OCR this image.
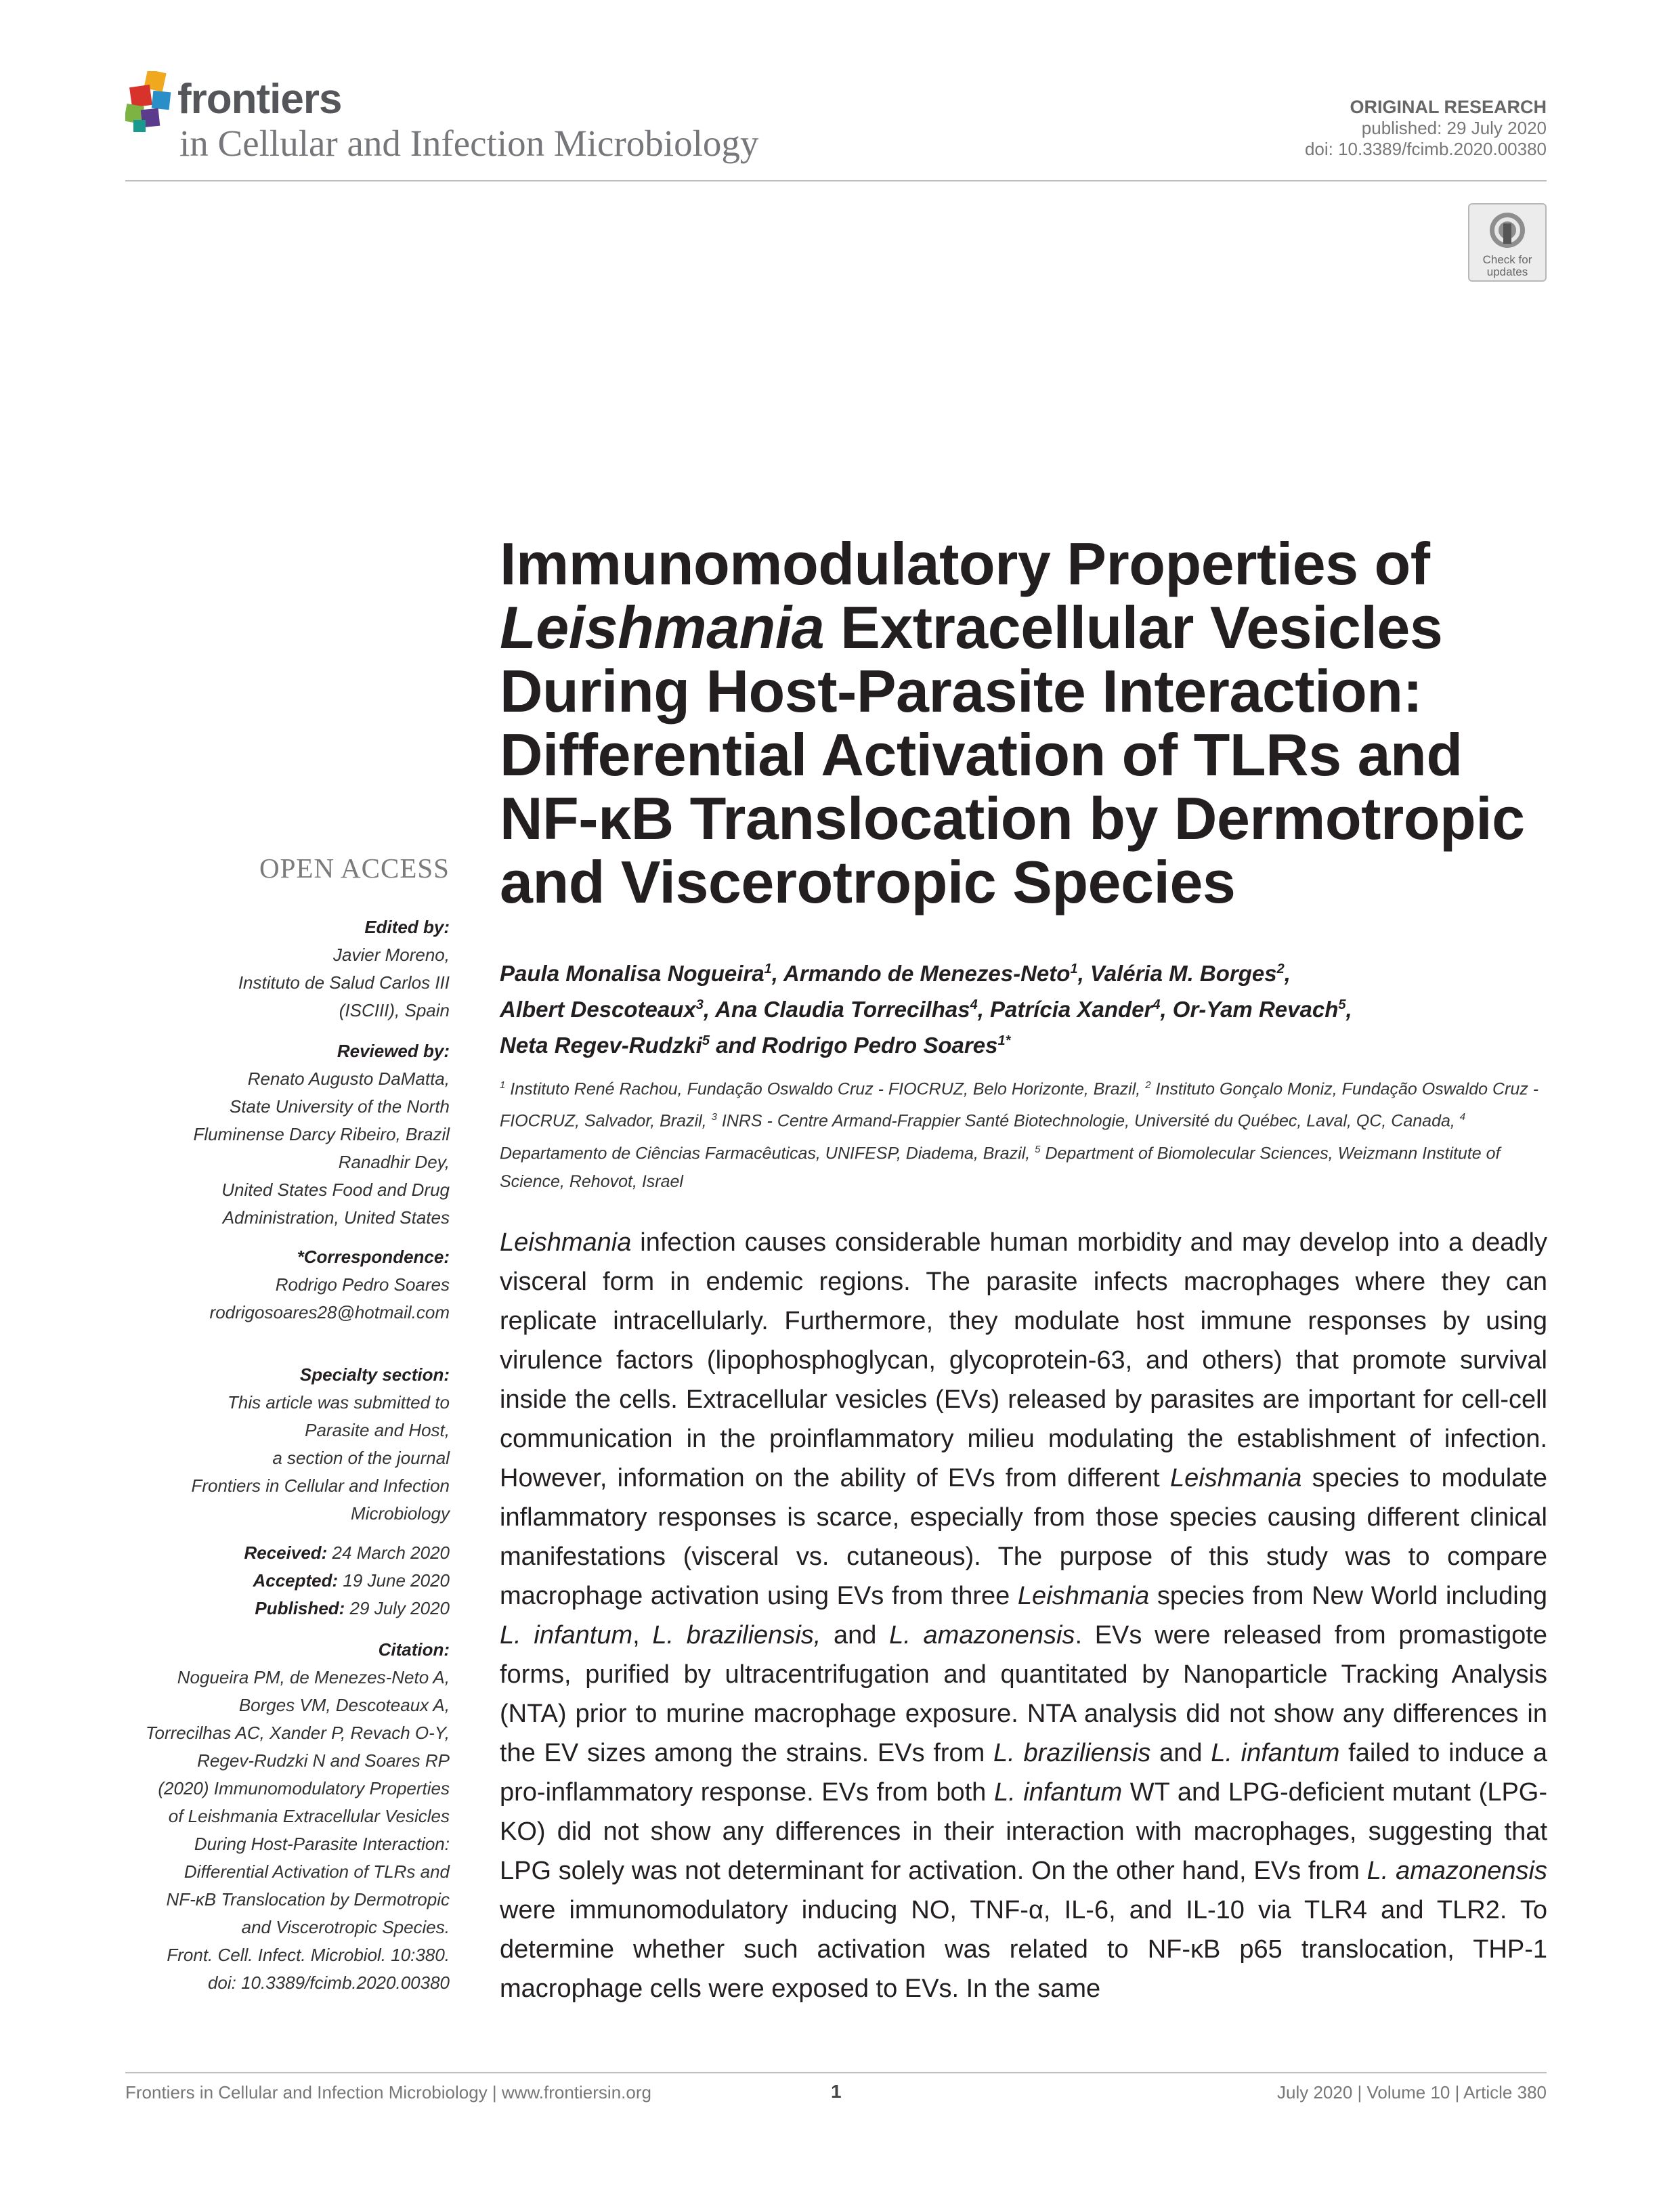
frontiers
in Cellular and Infection Microbiology
ORIGINAL RESEARCH
published: 29 July 2020
doi: 10.3389/fcimb.2020.00380
Check for updates
Immunomodulatory Properties of
Leishmania Extracellular Vesicles
During Host-Parasite Interaction:
Differential Activation of TLRs and
NF-κB Translocation by Dermotropic
and Viscerotropic Species
Paula Monalisa Nogueira$^1$, Armando de Menezes-Neto$^1$, Valéria M. Borges$^2$,
Albert Descoteaux$^3$, Ana Claudia Torrecilhas$^4$, Patrícia Xander$^4$, Or-Yam Revach$^5$,
Neta Regev-Rudzki$^5$ and Rodrigo Pedro Soares$^{1*}$
$^1$ Instituto René Rachou, Fundação Oswaldo Cruz - FIOCRUZ, Belo Horizonte, Brazil, $^2$ Instituto Gonçalo Moniz, Fundação Oswaldo Cruz - FIOCRUZ, Salvador, Brazil, $^3$ INRS - Centre Armand-Frappier Santé Biotechnologie, Université du Québec, Laval, QC, Canada, $^4$ Departamento de Ciências Farmacêuticas, UNIFESP, Diadema, Brazil, $^5$ Department of Biomolecular Sciences, Weizmann Institute of Science, Rehovot, Israel
Leishmania infection causes considerable human morbidity and may develop into a deadly visceral form in endemic regions. The parasite infects macrophages where they can replicate intracellularly. Furthermore, they modulate host immune responses by using virulence factors (lipophosphoglycan, glycoprotein-63, and others) that promote survival inside the cells. Extracellular vesicles (EVs) released by parasites are important for cell-cell communication in the proinflammatory milieu modulating the establishment of infection. However, information on the ability of EVs from different Leishmania species to modulate inflammatory responses is scarce, especially from those species causing different clinical manifestations (visceral vs. cutaneous). The purpose of this study was to compare macrophage activation using EVs from three Leishmania species from New World including L. infantum, L. braziliensis, and L. amazonensis. EVs were released from promastigote forms, purified by ultracentrifugation and quantitated by Nanoparticle Tracking Analysis (NTA) prior to murine macrophage exposure. NTA analysis did not show any differences in the EV sizes among the strains. EVs from L. braziliensis and L. infantum failed to induce a pro-inflammatory response. EVs from both L. infantum WT and LPG-deficient mutant (LPG-KO) did not show any differences in their interaction with macrophages, suggesting that LPG solely was not determinant for activation. On the other hand, EVs from L. amazonensis were immunomodulatory inducing NO, TNF-α, IL-6, and IL-10 via TLR4 and TLR2. To determine whether such activation was related to NF-κB p65 translocation, THP-1 macrophage cells were exposed to EVs. In the same
OPEN ACCESS
Edited by:
Javier Moreno,
Instituto de Salud Carlos III
(ISCIII), Spain
Reviewed by:
Renato Augusto DaMatta,
State University of the North
Fluminense Darcy Ribeiro, Brazil
Ranadhir Dey,
United States Food and Drug
Administration, United States
*Correspondence:
Rodrigo Pedro Soares
rodrigosoares28@hotmail.com
Specialty section:
This article was submitted to
Parasite and Host,
a section of the journal
Frontiers in Cellular and Infection
Microbiology
Received: 24 March 2020
Accepted: 19 June 2020
Published: 29 July 2020
Citation:
Nogueira PM, de Menezes-Neto A,
Borges VM, Descoteaux A,
Torrecilhas AC, Xander P, Revach O-Y,
Regev-Rudzki N and Soares RP
(2020) Immunomodulatory Properties
of Leishmania Extracellular Vesicles
During Host-Parasite Interaction:
Differential Activation of TLRs and
NF-κB Translocation by Dermotropic
and Viscerotropic Species.
Front. Cell. Infect. Microbiol. 10:380.
doi: 10.3389/fcimb.2020.00380
Frontiers in Cellular and Infection Microbiology | www.frontiersin.org	1	July 2020 | Volume 10 | Article 380
